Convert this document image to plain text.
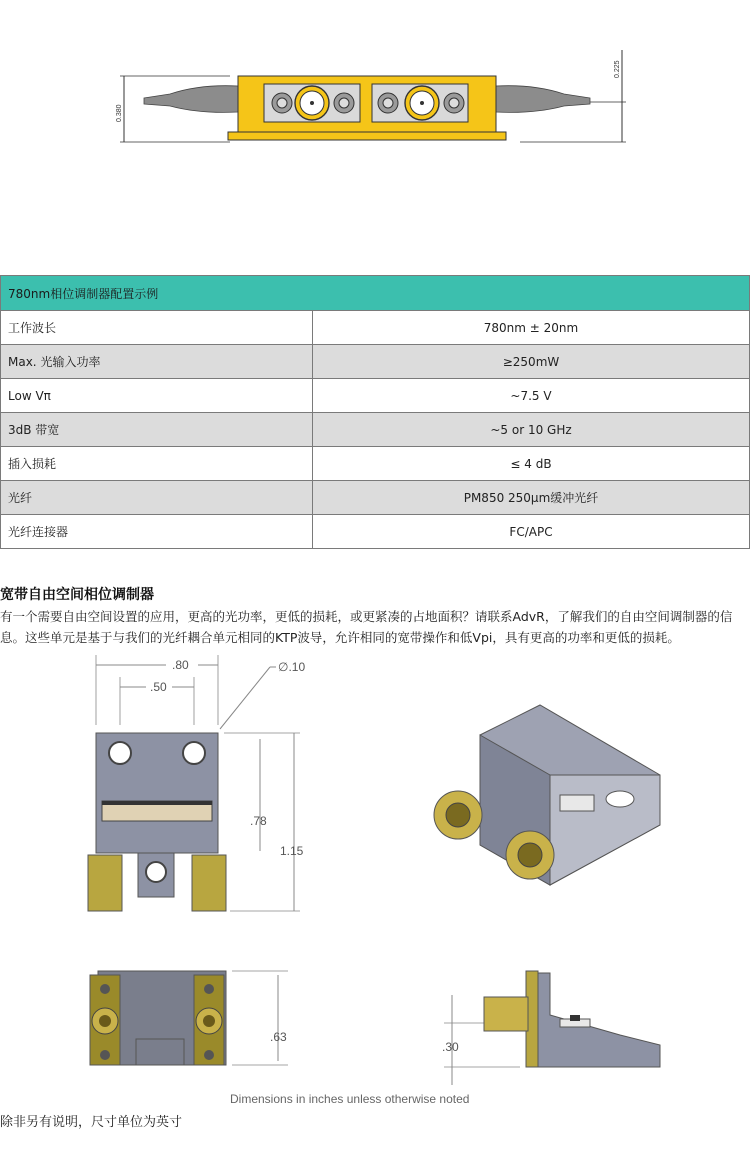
0.380
0.225
780nm相位调制器配置示例	
工作波长	780nm ± 20nm
Max. 光输入功率	≥250mW
Low Vπ	~7.5 V
3dB 带宽	~5 or 10 GHz
插入损耗	≤ 4 dB
光纤	PM850 250μm缓冲光纤
光纤连接器	FC/APC
宽带自由空间相位调制器
有一个需要自由空间设置的应用，更高的光功率，更低的损耗，或更紧凑的占地面积？请联系AdvR，了解我们的自由空间调制器的信息。这些单元是基于与我们的光纤耦合单元相同的KTP波导，允许相同的宽带操作和低Vpi，具有更高的功率和更低的损耗。
.80
.50
∅.10
.78
1.15
.63
.30
Dimensions in inches unless otherwise noted
除非另有说明，尺寸单位为英寸
